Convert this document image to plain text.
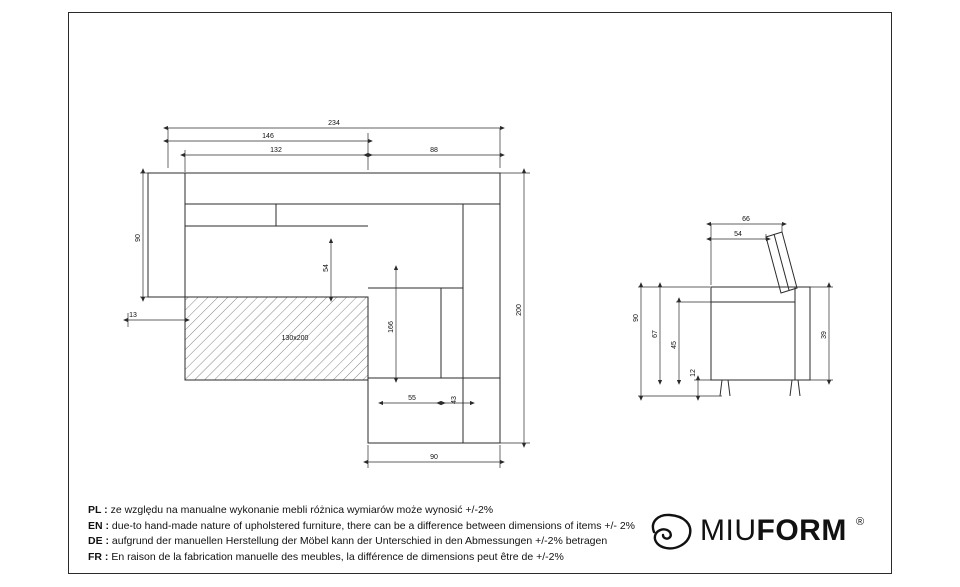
234
146
132	88
90
13
54
200
166
130x200
55	43
90
66
54
90
67
45
12
39
PL : ze względu na manualne wykonanie mebli różnica wymiarów może wynosić +/-2%
EN : due-to hand-made nature of upholstered furniture, there can be a difference between dimensions of items +/- 2%
DE : aufgrund der manuellen Herstellung der Möbel kann der Unterschied in den Abmessungen +/-2% betragen
FR : En raison de la fabrication manuelle des meubles, la différence de dimensions peut être de +/-2%
MIUFORM ®
